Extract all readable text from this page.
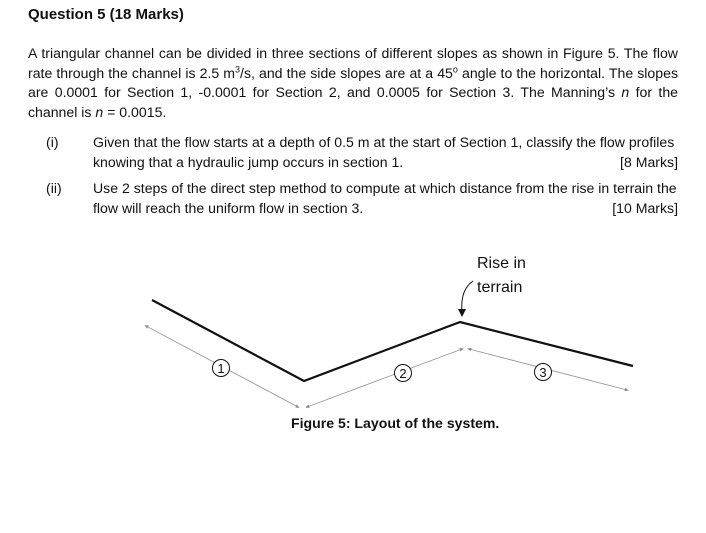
Question 5 (18 Marks)
A triangular channel can be divided in three sections of different slopes as shown in Figure 5. The flow rate through the channel is 2.5 $m^3/s$, and the side slopes are at a 45$^o$ angle to the horizontal. The slopes are 0.0001 for Section 1, -0.0001 for Section 2, and 0.0005 for Section 3. The Manning’s n for the channel is n = 0.0015.
(i) Given that the flow starts at a depth of 0.5 m at the start of Section 1, classify the flow profiles knowing that a hydraulic jump occurs in section 1.	[8 Marks]
(ii) Use 2 steps of the direct step method to compute at which distance from the rise in terrain the flow will reach the uniform flow in section 3.	[10 Marks]
1	2	3
Rise in
terrain
Figure 5: Layout of the system.
